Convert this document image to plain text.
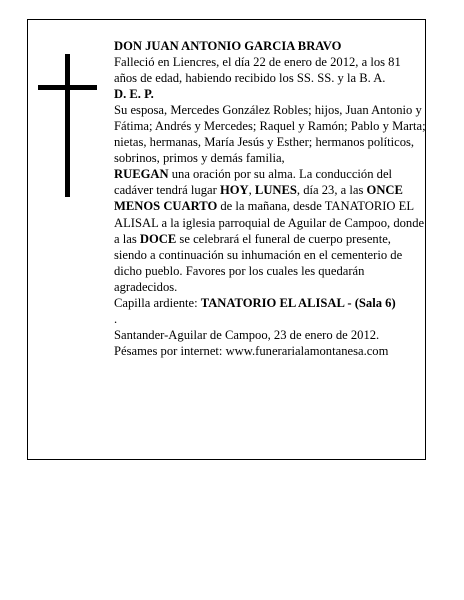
DON JUAN ANTONIO GARCIA BRAVO

Falleció en Liencres, el día 22 de enero de 2012, a los 81 años de edad, habiendo recibido los SS. SS. y la B. A.

D. E. P.

Su esposa, Mercedes González Robles; hijos, Juan Antonio y Fátima; Andrés y Mercedes; Raquel y Ramón; Pablo y Marta; nietas, hermanas, María Jesús y Esther; hermanos políticos, sobrinos, primos y demás familia,

RUEGAN una oración por su alma. La conducción del cadáver tendrá lugar HOY, LUNES, día 23, a las ONCE MENOS CUARTO de la mañana, desde TANATORIO EL ALISAL a la iglesia parroquial de Aguilar de Campoo, donde a las DOCE se celebrará el funeral de cuerpo presente, siendo a continuación su inhumación en el cementerio de dicho pueblo. Favores por los cuales les quedarán agradecidos.

Capilla ardiente: TANATORIO EL ALISAL - (Sala 6)

.

Santander-Aguilar de Campoo, 23 de enero de 2012.

Pésames por internet: www.funerarialamontanesa.com
